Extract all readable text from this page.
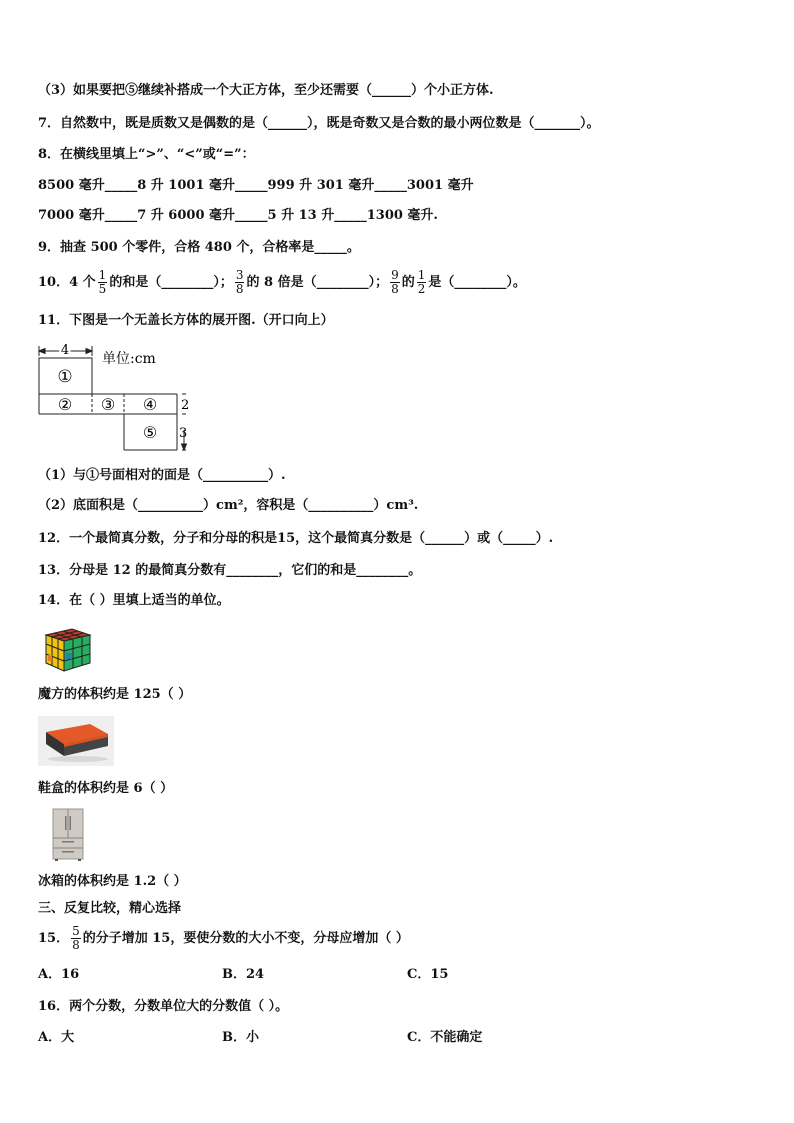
（3）如果要把⑤继续补搭成一个大正方体，至少还需要（______）个小正方体.
7．自然数中，既是质数又是偶数的是（______），既是奇数又是合数的最小两位数是（_______）。
8．在横线里填上“>”、“<”或“=”：
8500 毫升_____8 升 1001 毫升_____999 升 301 毫升_____3001 毫升
7000 毫升_____7 升 6000 毫升_____5 升 13 升_____1300 毫升.
9．抽查 500 个零件，合格 480 个，合格率是_____。
10．4 个 $\frac{1}{5}$ 的和是（________）； $\frac{3}{8}$ 的 8 倍是（________）； $\frac{9}{8}$ 的 $\frac{1}{2}$ 是（________）。
11．下图是一个无盖长方体的展开图.（开口向上）
4
单位:cm
①
② ③ ④
⑤
2
3
（1）与①号面相对的面是（__________）.
（2）底面积是（__________）cm²，容积是（__________）cm³.
12．一个最简真分数，分子和分母的积是15，这个最简真分数是（______）或（_____）.
13．分母是 12 的最简真分数有________，它们的和是________。
14．在（ ）里填上适当的单位。
魔方的体积约是 125（ ）
鞋盒的体积约是 6（ ）
冰箱的体积约是 1.2（ ）
三、反复比较，精心选择
15． $\frac{5}{8}$ 的分子增加 15，要使分数的大小不变，分母应增加（ ）
A．16	B．24	C．15
16．两个分数，分数单位大的分数值（ ）。
A．大	B．小	C．不能确定
